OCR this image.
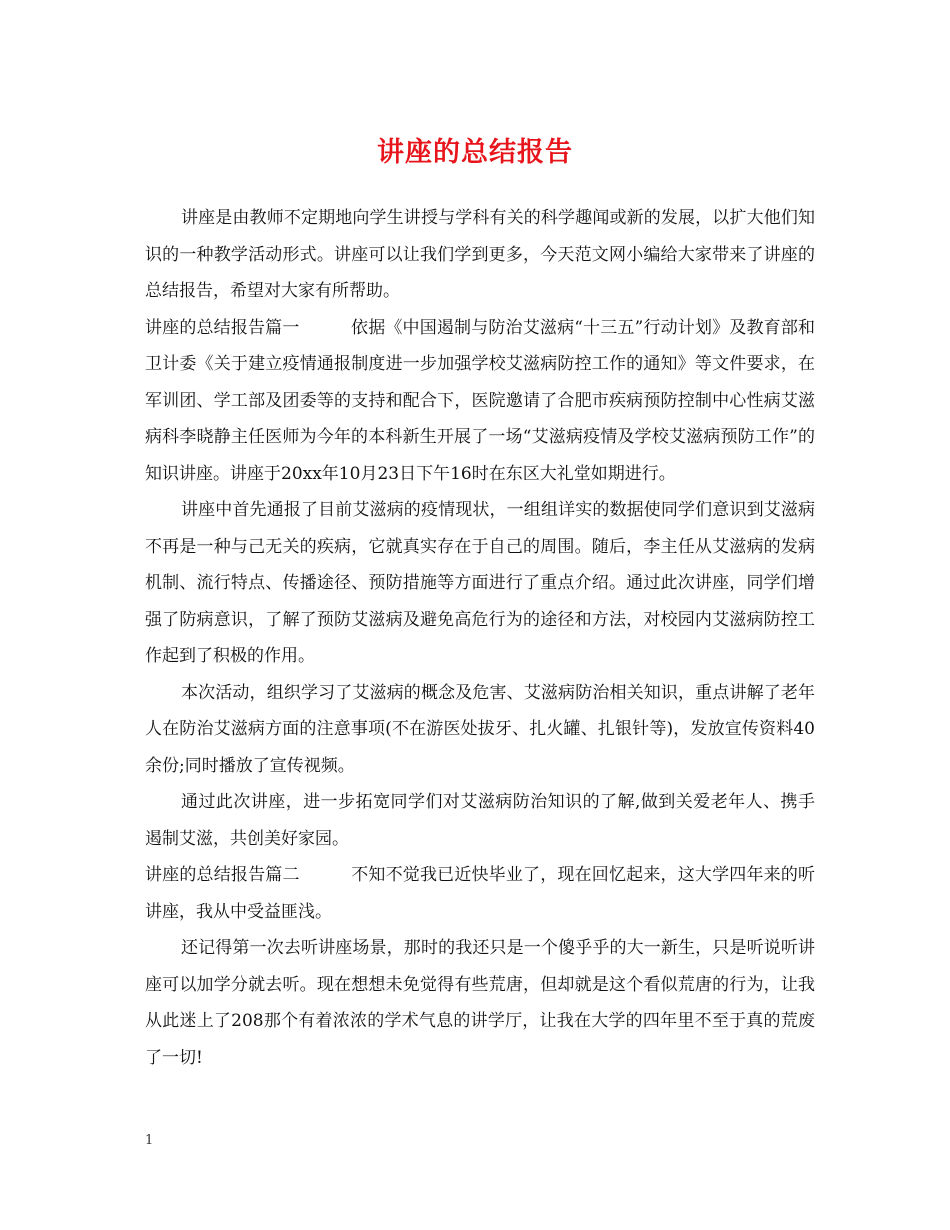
讲座的总结报告

讲座是由教师不定期地向学生讲授与学科有关的科学趣闻或新的发展，以扩大他们知识的一种教学活动形式。讲座可以让我们学到更多，今天范文网小编给大家带来了讲座的总结报告，希望对大家有所帮助。

讲座的总结报告篇一　　　依据《中国遏制与防治艾滋病“十三五”行动计划》及教育部和卫计委《关于建立疫情通报制度进一步加强学校艾滋病防控工作的通知》等文件要求，在军训团、学工部及团委等的支持和配合下，医院邀请了合肥市疾病预防控制中心性病艾滋病科李晓静主任医师为今年的本科新生开展了一场“艾滋病疫情及学校艾滋病预防工作”的知识讲座。讲座于20xx年10月23日下午16时在东区大礼堂如期进行。

讲座中首先通报了目前艾滋病的疫情现状，一组组详实的数据使同学们意识到艾滋病不再是一种与己无关的疾病，它就真实存在于自己的周围。随后，李主任从艾滋病的发病机制、流行特点、传播途径、预防措施等方面进行了重点介绍。通过此次讲座，同学们增强了防病意识，了解了预防艾滋病及避免高危行为的途径和方法，对校园内艾滋病防控工作起到了积极的作用。

本次活动，组织学习了艾滋病的概念及危害、艾滋病防治相关知识，重点讲解了老年人在防治艾滋病方面的注意事项(不在游医处拔牙、扎火罐、扎银针等)，发放宣传资料40余份;同时播放了宣传视频。

通过此次讲座，进一步拓宽同学们对艾滋病防治知识的了解,做到关爱老年人、携手遏制艾滋，共创美好家园。

讲座的总结报告篇二　　　不知不觉我已近快毕业了，现在回忆起来，这大学四年来的听讲座，我从中受益匪浅。

还记得第一次去听讲座场景，那时的我还只是一个傻乎乎的大一新生，只是听说听讲座可以加学分就去听。现在想想未免觉得有些荒唐，但却就是这个看似荒唐的行为，让我从此迷上了208那个有着浓浓的学术气息的讲学厅，让我在大学的四年里不至于真的荒废了一切!

1
